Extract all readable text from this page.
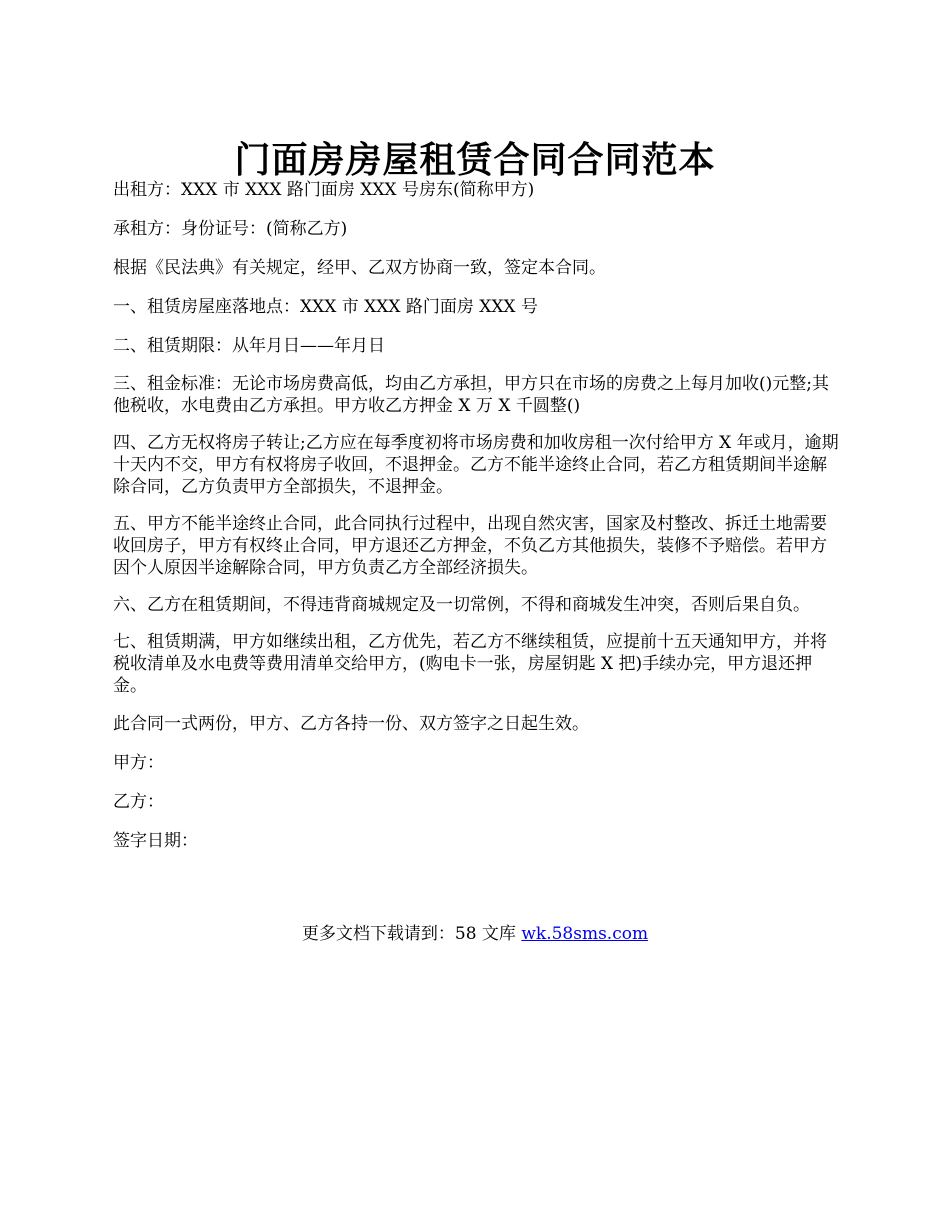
门面房房屋租赁合同合同范本

出租方：XXX 市 XXX 路门面房 XXX 号房东(简称甲方)

承租方：身份证号：(简称乙方)

根据《民法典》有关规定，经甲、乙双方协商一致，签定本合同。

一、租赁房屋座落地点：XXX 市 XXX 路门面房 XXX 号

二、租赁期限：从年月日——年月日

三、租金标准：无论市场房费高低，均由乙方承担，甲方只在市场的房费之上每月加收()元整;其他税收，水电费由乙方承担。甲方收乙方押金 X 万 X 千圆整()

四、乙方无权将房子转让;乙方应在每季度初将市场房费和加收房租一次付给甲方 X 年或月，逾期十天内不交，甲方有权将房子收回，不退押金。乙方不能半途终止合同，若乙方租赁期间半途解除合同，乙方负责甲方全部损失，不退押金。

五、甲方不能半途终止合同，此合同执行过程中，出现自然灾害，国家及村整改、拆迁土地需要收回房子，甲方有权终止合同，甲方退还乙方押金，不负乙方其他损失，装修不予赔偿。若甲方因个人原因半途解除合同，甲方负责乙方全部经济损失。

六、乙方在租赁期间，不得违背商城规定及一切常例，不得和商城发生冲突，否则后果自负。

七、租赁期满，甲方如继续出租，乙方优先，若乙方不继续租赁，应提前十五天通知甲方，并将税收清单及水电费等费用清单交给甲方，(购电卡一张，房屋钥匙 X 把)手续办完，甲方退还押金。

此合同一式两份，甲方、乙方各持一份、双方签字之日起生效。

甲方：

乙方：

签字日期：

更多文档下载请到：58 文库 wk.58sms.com
